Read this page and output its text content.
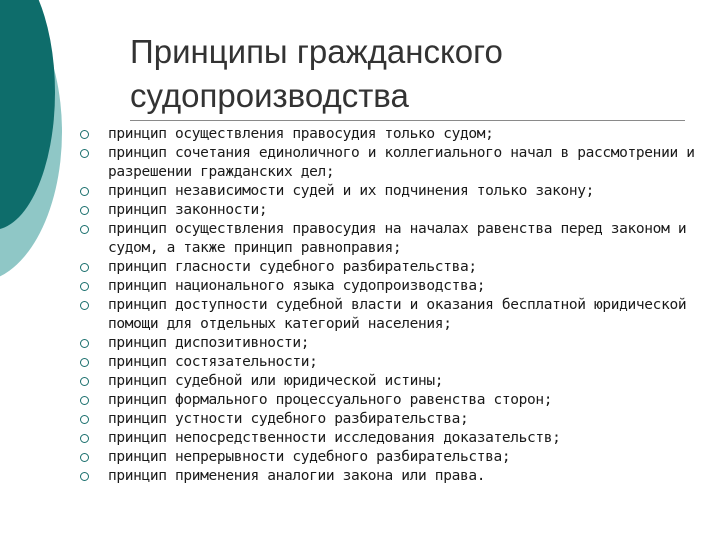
Принципы гражданского
судопроизводства
принцип осуществления правосудия только судом;
принцип сочетания единоличного и коллегиального начал в рассмотрении и разрешении гражданских дел;
принцип независимости судей и их подчинения только закону;
принцип законности;
принцип осуществления правосудия на началах равенства перед законом и судом, а также принцип равноправия;
принцип гласности судебного разбирательства;
принцип национального языка судопроизводства;
принцип доступности судебной власти и оказания бесплатной юридической помощи для отдельных категорий населения;
принцип диспозитивности;
принцип состязательности;
принцип судебной или юридической истины;
принцип формального процессуального равенства сторон;
принцип устности судебного разбирательства;
принцип непосредственности исследования доказательств;
принцип непрерывности судебного разбирательства;
принцип применения аналогии закона или права.
